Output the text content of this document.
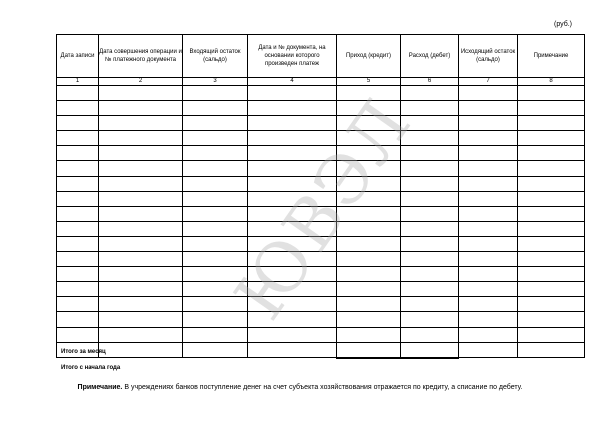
(руб.)
Дата записи	Дата совершения операции и № платежного документа	Входящий остаток (сальдо)	Дата и № документа, на основании которого произведен платеж	Приход (кредит)	Расход (дебет)	Исходящий остаток (сальдо)	Примечание
1	2	3	4	5	6	7	8

Итого за месяц
Итого с начала года
Примечание. В учреждениях банков поступление денег на счет субъекта хозяйствования отражается по кредиту, а списание по дебету.
ЮВЭЛ
